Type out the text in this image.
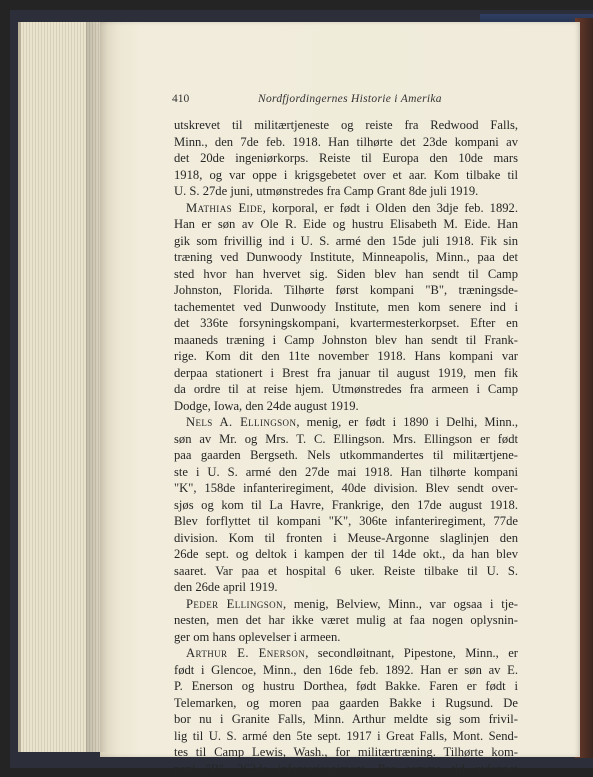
410	Nordfjordingernes Historie i Amerika
utskrevet til militærtjeneste og reiste fra Redwood Falls,
Minn., den 7de feb. 1918. Han tilhørte det 23de kompani av
det 20de ingeniørkorps. Reiste til Europa den 10de mars
1918, og var oppe i krigsgebetet over et aar. Kom tilbake til
U. S. 27de juni, utmønstredes fra Camp Grant 8de juli 1919.
Mathias Eide, korporal, er født i Olden den 3dje feb. 1892.
Han er søn av Ole R. Eide og hustru Elisabeth M. Eide. Han
gik som frivillig ind i U. S. armé den 15de juli 1918. Fik sin
træning ved Dunwoody Institute, Minneapolis, Minn., paa det
sted hvor han hvervet sig. Siden blev han sendt til Camp
Johnston, Florida. Tilhørte først kompani "B", træningsde-
tachementet ved Dunwoody Institute, men kom senere ind i
det 336te forsyningskompani, kvartermesterkorpset. Efter en
maaneds træning i Camp Johnston blev han sendt til Frank-
rige. Kom dit den 11te november 1918. Hans kompani var
derpaa stationert i Brest fra januar til august 1919, men fik
da ordre til at reise hjem. Utmønstredes fra armeen i Camp
Dodge, Iowa, den 24de august 1919.
Nels A. Ellingson, menig, er født i 1890 i Delhi, Minn.,
søn av Mr. og Mrs. T. C. Ellingson. Mrs. Ellingson er født
paa gaarden Bergseth. Nels utkommandertes til militærtjene-
ste i U. S. armé den 27de mai 1918. Han tilhørte kompani
"K", 158de infanteriregiment, 40de division. Blev sendt over-
sjøs og kom til La Havre, Frankrige, den 17de august 1918.
Blev forflyttet til kompani "K", 306te infanteriregiment, 77de
division. Kom til fronten i Meuse-Argonne slaglinjen den
26de sept. og deltok i kampen der til 14de okt., da han blev
saaret. Var paa et hospital 6 uker. Reiste tilbake til U. S.
den 26de april 1919.
Peder Ellingson, menig, Belview, Minn., var ogsaa i tje-
nesten, men det har ikke været mulig at faa nogen oplysnin-
ger om hans oplevelser i armeen.
Arthur E. Enerson, secondløitnant, Pipestone, Minn., er
født i Glencoe, Minn., den 16de feb. 1892. Han er søn av E.
P. Enerson og hustru Dorthea, født Bakke. Faren er født i
Telemarken, og moren paa gaarden Bakke i Rugsund. De
bor nu i Granite Falls, Minn. Arthur meldte sig som frivil-
lig til U. S. armé den 5te sept. 1917 i Great Falls, Mont. Send-
tes til Camp Lewis, Wash., for militærtræning. Tilhørte kom-
pani "B", 362de infanteriregiment. Paa samme tid utdannet
